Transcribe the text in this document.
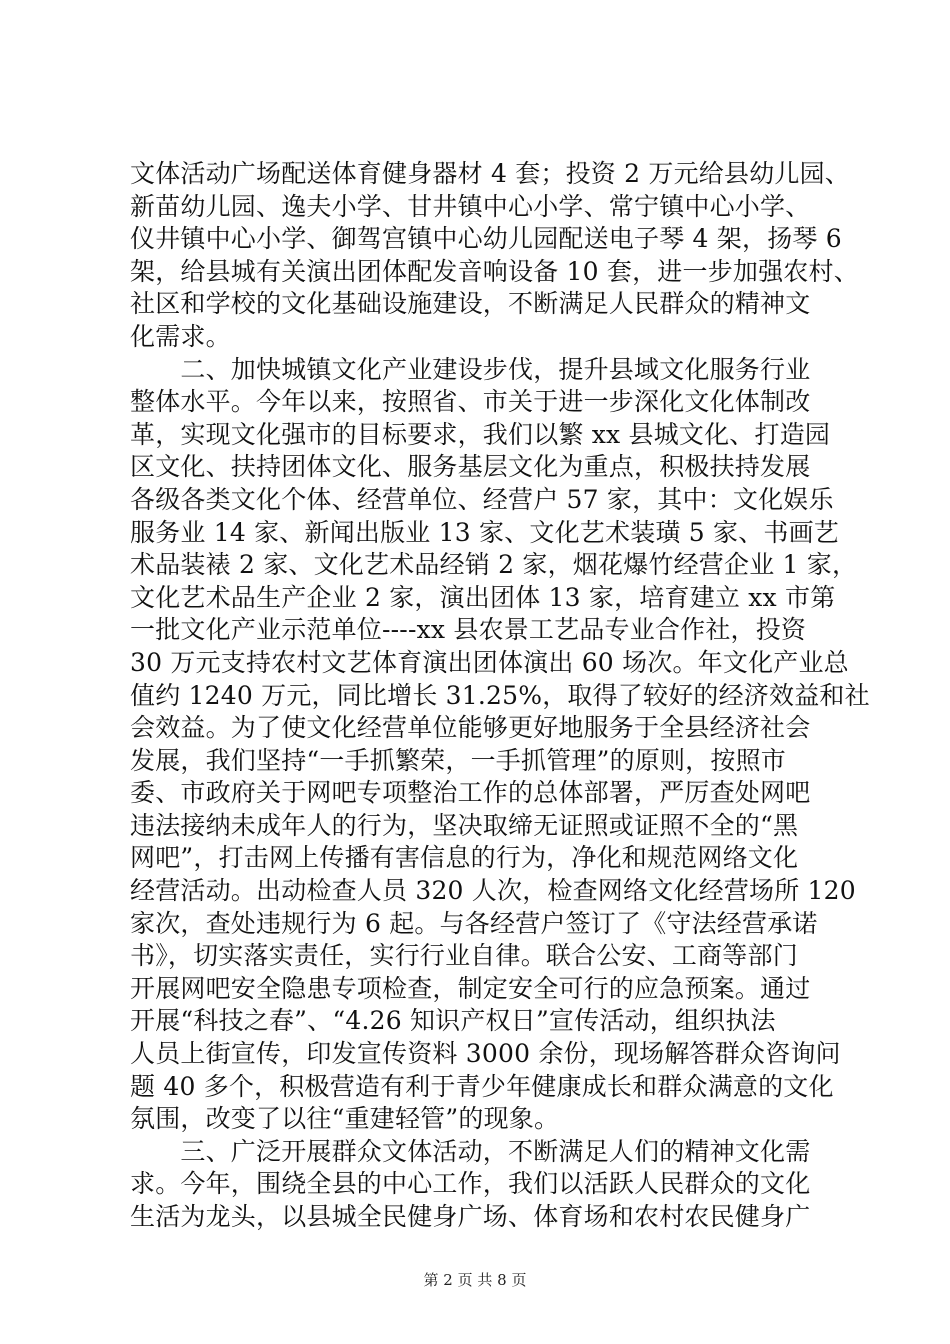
文体活动广场配送体育健身器材 4 套；投资 2 万元给县幼儿园、
新苗幼儿园、逸夫小学、甘井镇中心小学、常宁镇中心小学、
仪井镇中心小学、御驾宫镇中心幼儿园配送电子琴 4 架，扬琴 6
架，给县城有关演出团体配发音响设备 10 套，进一步加强农村、
社区和学校的文化基础设施建设，不断满足人民群众的精神文
化需求。
　　二、加快城镇文化产业建设步伐，提升县域文化服务行业
整体水平。今年以来，按照省、市关于进一步深化文化体制改
革，实现文化强市的目标要求，我们以繁 xx 县城文化、打造园
区文化、扶持团体文化、服务基层文化为重点，积极扶持发展
各级各类文化个体、经营单位、经营户 57 家，其中：文化娱乐
服务业 14 家、新闻出版业 13 家、文化艺术装璜 5 家、书画艺
术品装裱 2 家、文化艺术品经销 2 家，烟花爆竹经营企业 1 家，
文化艺术品生产企业 2 家，演出团体 13 家，培育建立 xx 市第
一批文化产业示范单位----xx 县农景工艺品专业合作社，投资
30 万元支持农村文艺体育演出团体演出 60 场次。年文化产业总
值约 1240 万元，同比增长 31.25%，取得了较好的经济效益和社
会效益。为了使文化经营单位能够更好地服务于全县经济社会
发展，我们坚持“一手抓繁荣，一手抓管理”的原则，按照市
委、市政府关于网吧专项整治工作的总体部署，严厉查处网吧
违法接纳未成年人的行为，坚决取缔无证照或证照不全的“黑
网吧”，打击网上传播有害信息的行为，净化和规范网络文化
经营活动。出动检查人员 320 人次，检查网络文化经营场所 120
家次，查处违规行为 6 起。与各经营户签订了《守法经营承诺
书》，切实落实责任，实行行业自律。联合公安、工商等部门
开展网吧安全隐患专项检查，制定安全可行的应急预案。通过
开展“科技之春”、“4.26 知识产权日”宣传活动，组织执法
人员上街宣传，印发宣传资料 3000 余份，现场解答群众咨询问
题 40 多个，积极营造有利于青少年健康成长和群众满意的文化
氛围，改变了以往“重建轻管”的现象。
　　三、广泛开展群众文体活动，不断满足人们的精神文化需
求。今年，围绕全县的中心工作，我们以活跃人民群众的文化
生活为龙头，以县城全民健身广场、体育场和农村农民健身广
第 2 页 共 8 页
